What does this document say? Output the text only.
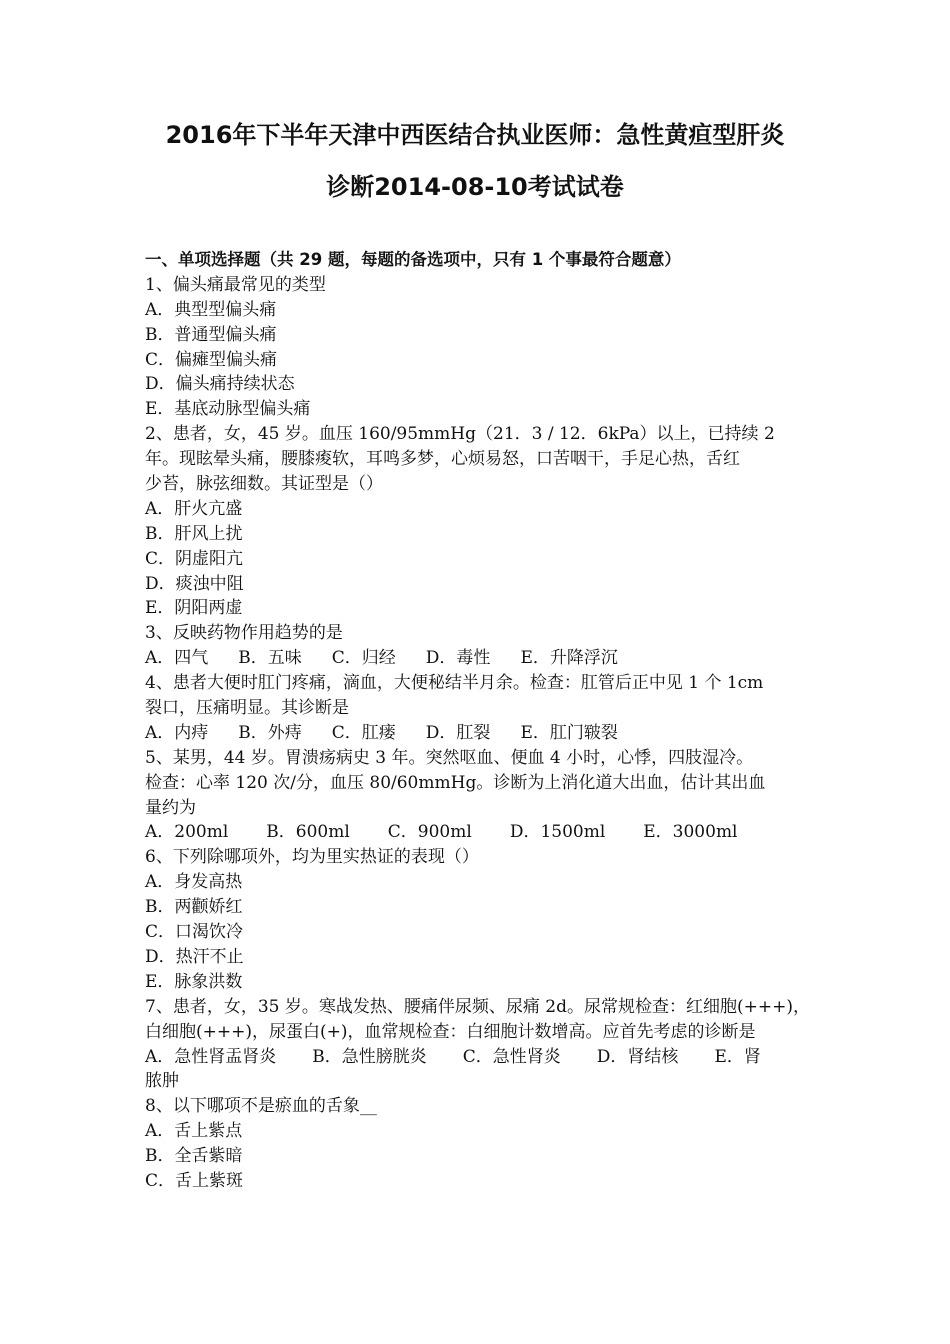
2016年下半年天津中西医结合执业医师：急性黄疸型肝炎
诊断2014-08-10考试试卷
一、单项选择题（共 29 题，每题的备选项中，只有 1 个事最符合题意）
1、偏头痛最常见的类型
A．典型型偏头痛
B．普通型偏头痛
C．偏瘫型偏头痛
D．偏头痛持续状态
E．基底动脉型偏头痛
2、患者，女，45 岁。血压 160/95mmHg（21．3 / 12．6kPa）以上，已持续 2
年。现眩晕头痛，腰膝痠软，耳鸣多梦，心烦易怒，口苦咽干，手足心热，舌红
少苔，脉弦细数。其证型是（）
A．肝火亢盛
B．肝风上扰
C．阴虚阳亢
D．痰浊中阻
E．阴阳两虚
3、反映药物作用趋势的是
A．四气 B．五味 C．归经 D．毒性 E．升降浮沉
4、患者大便时肛门疼痛，滴血，大便秘结半月余。检查：肛管后正中见 1 个 1cm
裂口，压痛明显。其诊断是
A．内痔 B．外痔 C．肛瘘 D．肛裂 E．肛门皲裂
5、某男，44 岁。胃溃疡病史 3 年。突然呕血、便血 4 小时，心悸，四肢湿冷。
检查：心率 120 次/分，血压 80/60mmHg。诊断为上消化道大出血，估计其出血
量约为
A．200ml B．600ml C．900ml D．1500ml E．3000ml
6、下列除哪项外，均为里实热证的表现（）
A．身发高热
B．两颧娇红
C．口渴饮冷
D．热汗不止
E．脉象洪数
7、患者，女，35 岁。寒战发热、腰痛伴尿频、尿痛 2d。尿常规检查：红细胞(+++)，
白细胞(+++)，尿蛋白(+)，血常规检查：白细胞计数增高。应首先考虑的诊断是
A．急性肾盂肾炎 B．急性膀胱炎 C．急性肾炎 D．肾结核 E．肾
脓肿
8、以下哪项不是瘀血的舌象__
A．舌上紫点
B．全舌紫暗
C．舌上紫斑
